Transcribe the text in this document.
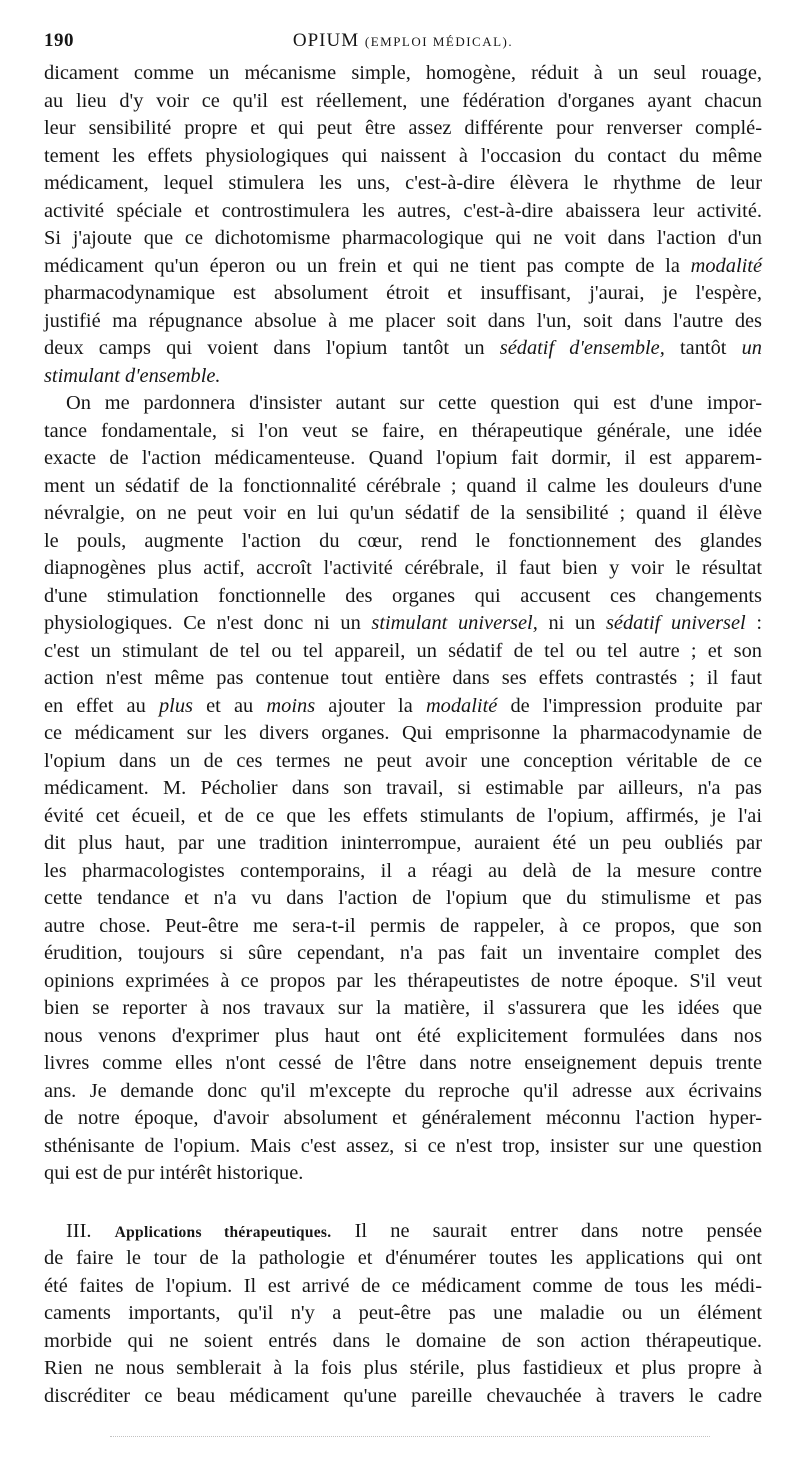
190	OPIUM (EMPLOI MÉDICAL).
dicament comme un mécanisme simple, homogène, réduit à un seul rouage,
au lieu d'y voir ce qu'il est réellement, une fédération d'organes ayant chacun
leur sensibilité propre et qui peut être assez différente pour renverser complé-
tement les effets physiologiques qui naissent à l'occasion du contact du même
médicament, lequel stimulera les uns, c'est-à-dire élèvera le rhythme de leur
activité spéciale et controstimulera les autres, c'est-à-dire abaissera leur activité.
Si j'ajoute que ce dichotomisme pharmacologique qui ne voit dans l'action d'un
médicament qu'un éperon ou un frein et qui ne tient pas compte de la modalité
pharmacodynamique est absolument étroit et insuffisant, j'aurai, je l'espère,
justifié ma répugnance absolue à me placer soit dans l'un, soit dans l'autre des
deux camps qui voient dans l'opium tantôt un sédatif d'ensemble, tantôt un
stimulant d'ensemble.
On me pardonnera d'insister autant sur cette question qui est d'une impor-
tance fondamentale, si l'on veut se faire, en thérapeutique générale, une idée
exacte de l'action médicamenteuse. Quand l'opium fait dormir, il est apparem-
ment un sédatif de la fonctionnalité cérébrale ; quand il calme les douleurs d'une
névralgie, on ne peut voir en lui qu'un sédatif de la sensibilité ; quand il élève
le pouls, augmente l'action du cœur, rend le fonctionnement des glandes
diapnogènes plus actif, accroît l'activité cérébrale, il faut bien y voir le résultat
d'une stimulation fonctionnelle des organes qui accusent ces changements
physiologiques. Ce n'est donc ni un stimulant universel, ni un sédatif universel :
c'est un stimulant de tel ou tel appareil, un sédatif de tel ou tel autre ; et son
action n'est même pas contenue tout entière dans ses effets contrastés ; il faut
en effet au plus et au moins ajouter la modalité de l'impression produite par
ce médicament sur les divers organes. Qui emprisonne la pharmacodynamie de
l'opium dans un de ces termes ne peut avoir une conception véritable de ce
médicament. M. Pécholier dans son travail, si estimable par ailleurs, n'a pas
évité cet écueil, et de ce que les effets stimulants de l'opium, affirmés, je l'ai
dit plus haut, par une tradition ininterrompue, auraient été un peu oubliés par
les pharmacologistes contemporains, il a réagi au delà de la mesure contre
cette tendance et n'a vu dans l'action de l'opium que du stimulisme et pas
autre chose. Peut-être me sera-t-il permis de rappeler, à ce propos, que son
érudition, toujours si sûre cependant, n'a pas fait un inventaire complet des
opinions exprimées à ce propos par les thérapeutistes de notre époque. S'il veut
bien se reporter à nos travaux sur la matière, il s'assurera que les idées que
nous venons d'exprimer plus haut ont été explicitement formulées dans nos
livres comme elles n'ont cessé de l'être dans notre enseignement depuis trente
ans. Je demande donc qu'il m'excepte du reproche qu'il adresse aux écrivains
de notre époque, d'avoir absolument et généralement méconnu l'action hyper-
sthénisante de l'opium. Mais c'est assez, si ce n'est trop, insister sur une question
qui est de pur intérêt historique.
III. Applications thérapeutiques. Il ne saurait entrer dans notre pensée
de faire le tour de la pathologie et d'énumérer toutes les applications qui ont
été faites de l'opium. Il est arrivé de ce médicament comme de tous les médi-
caments importants, qu'il n'y a peut-être pas une maladie ou un élément
morbide qui ne soient entrés dans le domaine de son action thérapeutique.
Rien ne nous semblerait à la fois plus stérile, plus fastidieux et plus propre à
discréditer ce beau médicament qu'une pareille chevauchée à travers le cadre
